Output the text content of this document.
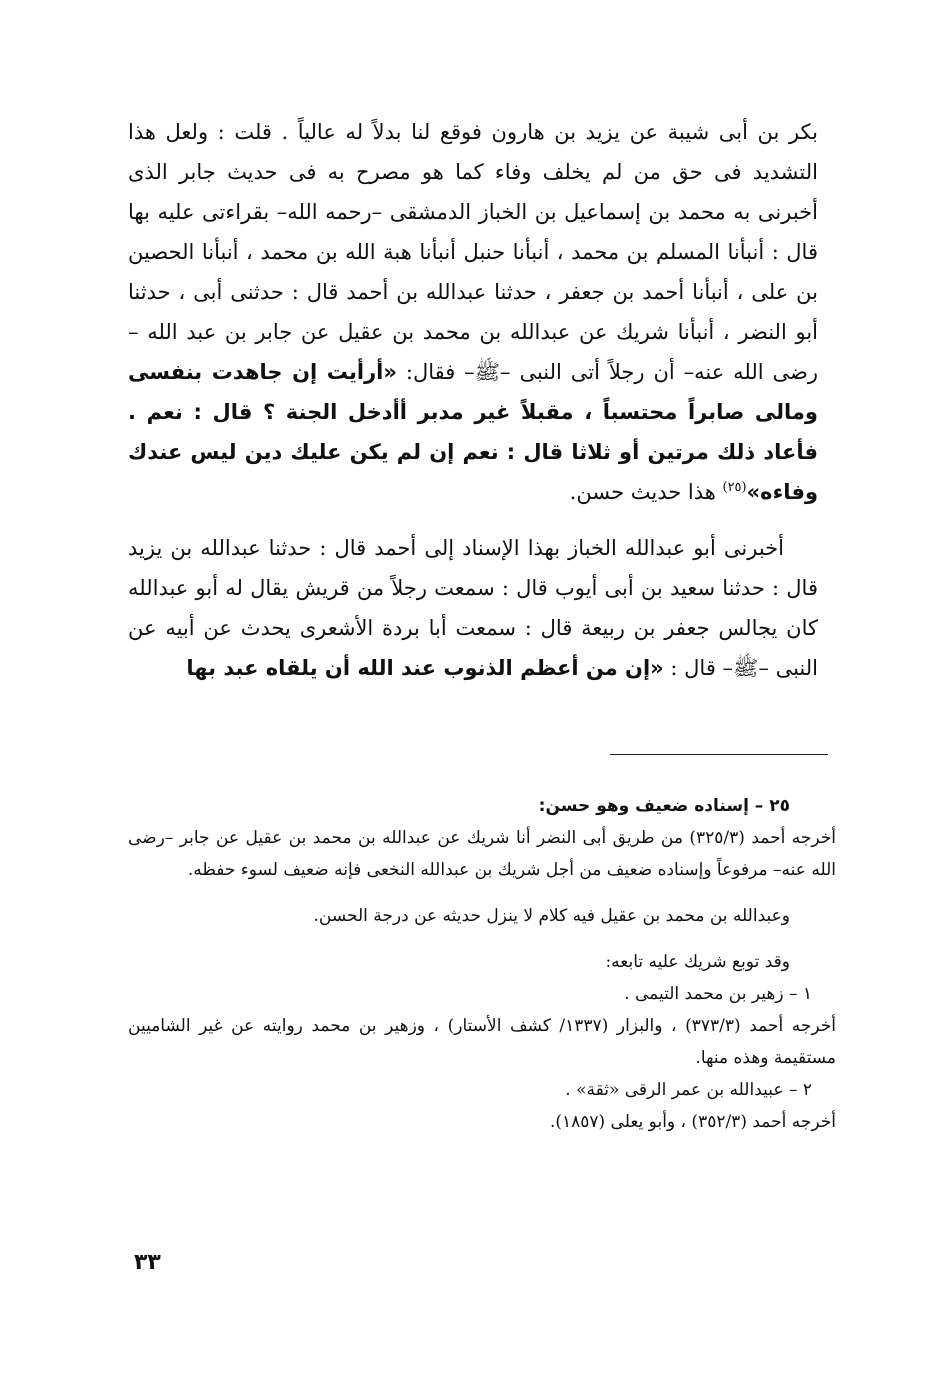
بكر بن أبى شيبة عن يزيد بن هارون فوقع لنا بدلاً له عالياً . قلت : ولعل هذا التشديد فى حق من لم يخلف وفاء كما هو مصرح به فى حديث جابر الذى أخبرنى به محمد بن إسماعيل بن الخباز الدمشقى –رحمه الله– بقراءتى عليه بها قال : أنبأنا المسلم بن محمد ، أنبأنا حنبل أنبأنا هبة الله بن محمد ، أنبأنا الحصين بن على ، أنبأنا أحمد بن جعفر ، حدثنا عبدالله بن أحمد قال : حدثنى أبى ، حدثنا أبو النضر ، أنبأنا شريك عن عبدالله بن محمد بن عقيل عن جابر بن عبد الله –رضى الله عنه– أن رجلاً أتى النبى –ﷺ– فقال: «أرأيت إن جاهدت بنفسى ومالى صابراً محتسباً ، مقبلاً غير مدبر أأدخل الجنة ؟ قال : نعم . فأعاد ذلك مرتين أو ثلاثا قال : نعم إن لم يكن عليك دين ليس عندك وفاءه»$^{(٢٥)}$ هذا حديث حسن.

أخبرنى أبو عبدالله الخباز بهذا الإسناد إلى أحمد قال : حدثنا عبدالله بن يزيد قال : حدثنا سعيد بن أبى أيوب قال : سمعت رجلاً من قريش يقال له أبو عبدالله كان يجالس جعفر بن ربيعة قال : سمعت أبا بردة الأشعرى يحدث عن أبيه عن النبى –ﷺ– قال : «إن من أعظم الذنوب عند الله أن يلقاه عبد بها

٢٥ – إسناده ضعيف وهو حسن:

أخرجه أحمد (٣٢٥/٣) من طريق أبى النضر أنا شريك عن عبدالله بن محمد بن عقيل عن جابر –رضى الله عنه– مرفوعاً وإسناده ضعيف من أجل شريك بن عبدالله النخعى فإنه ضعيف لسوء حفظه.

وعبدالله بن محمد بن عقيل فيه كلام لا ينزل حديثه عن درجة الحسن.

وقد توبع شريك عليه تابعه:

١ – زهير بن محمد التيمى .

أخرجه أحمد (٣٧٣/٣) ، والبزار (١٣٣٧/ كشف الأستار) ، وزهير بن محمد روايته عن غير الشاميين مستقيمة وهذه منها.

٢ – عبيدالله بن عمر الرقى «ثقة» .

أخرجه أحمد (٣٥٢/٣) ، وأبو يعلى (١٨٥٧).

٣٣
